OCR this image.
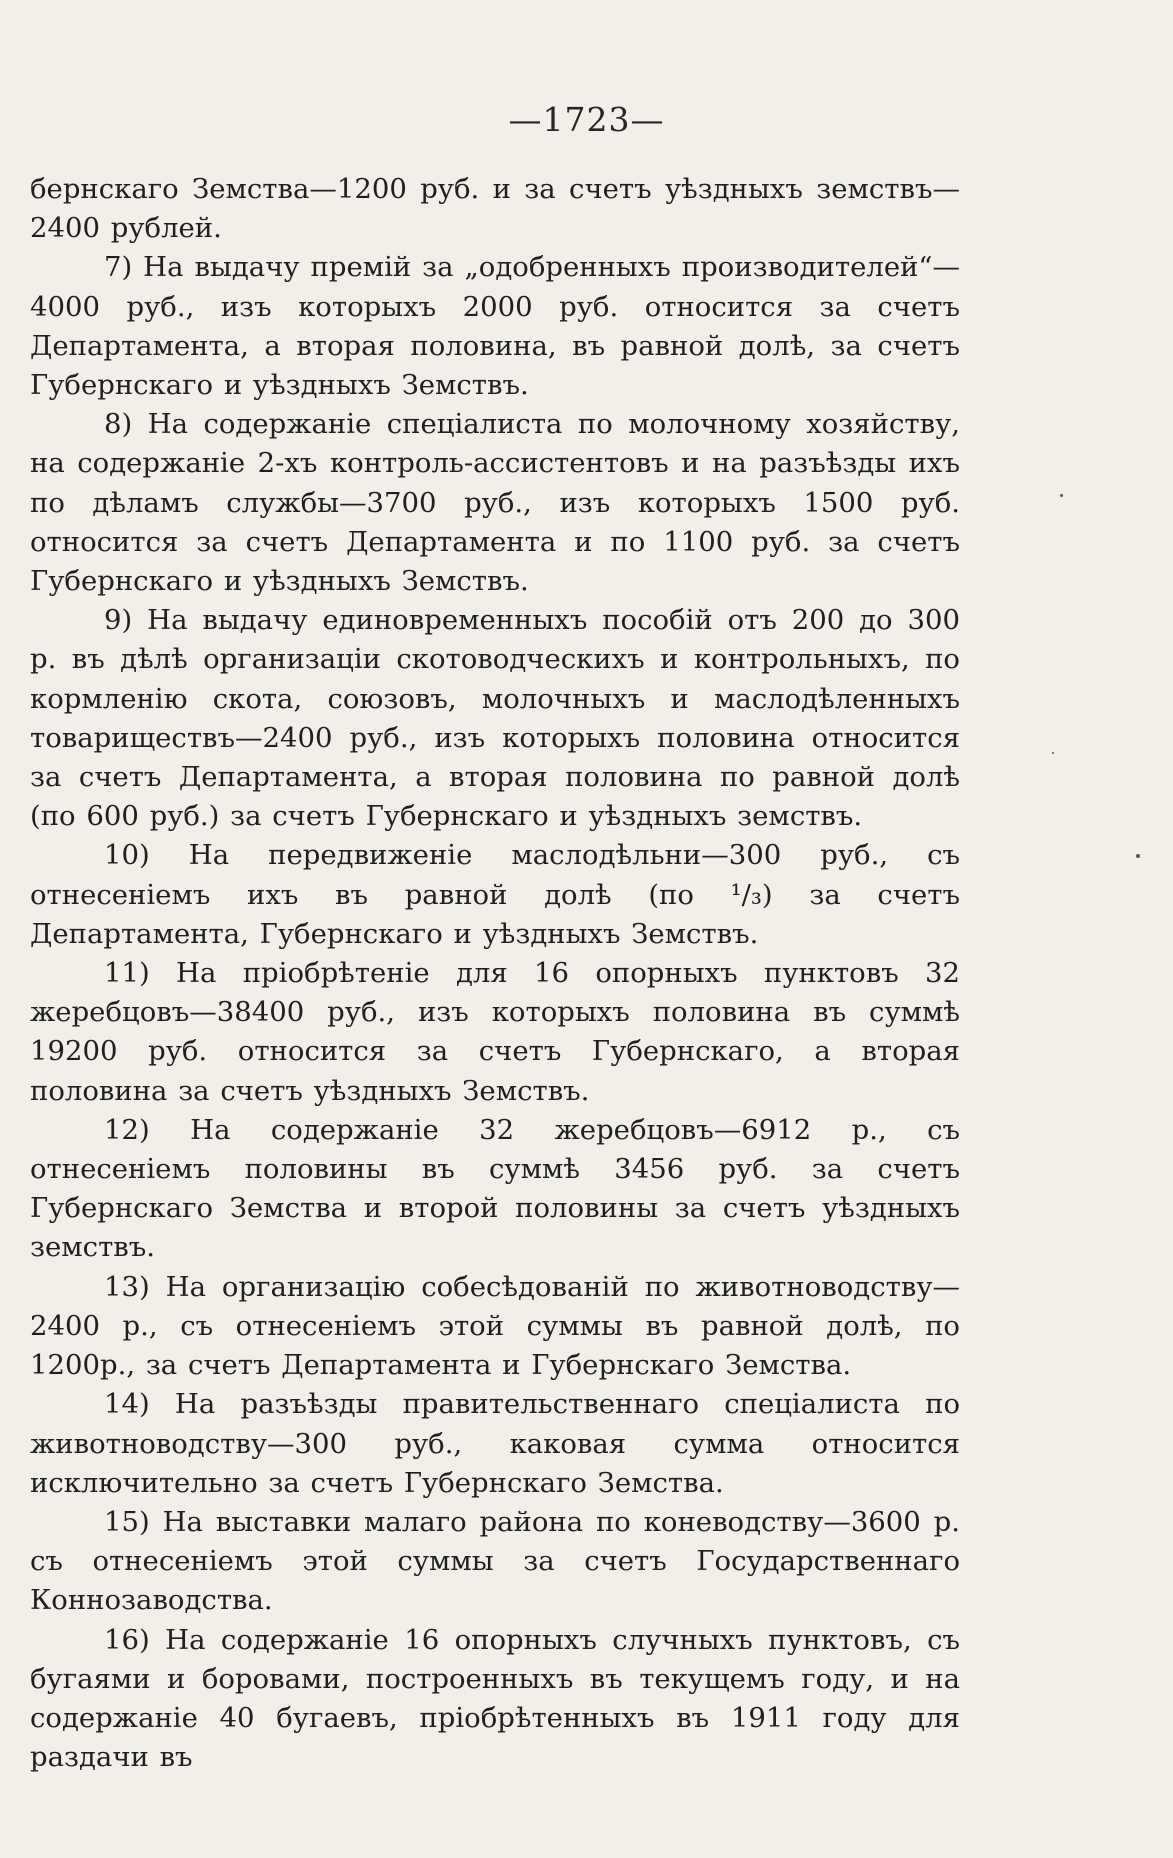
—1723—

бернскаго Земства—1200 руб. и за счетъ уѣздныхъ земствъ— 2400 рублей.

7) На выдачу премій за „одобренныхъ производителей“— 4000 руб., изъ которыхъ 2000 руб. относится за счетъ Департамента, а вторая половина, въ равной долѣ, за счетъ Губернскаго и уѣздныхъ Земствъ.

8) На содержаніе спеціалиста по молочному хозяйству, на содержаніе 2-хъ контроль-ассистентовъ и на разъѣзды ихъ по дѣламъ службы—3700 руб., изъ которыхъ 1500 руб. относится за счетъ Департамента и по 1100 руб. за счетъ Губернскаго и уѣздныхъ Земствъ.

9) На выдачу единовременныхъ пособій отъ 200 до 300 р. въ дѣлѣ организаціи скотоводческихъ и контрольныхъ, по кормленію скота, союзовъ, молочныхъ и маслодѣленныхъ товариществъ—2400 руб., изъ которыхъ половина относится за счетъ Департамента, а вторая половина по равной долѣ (по 600 руб.) за счетъ Губернскаго и уѣздныхъ земствъ.

10) На передвиженіе маслодѣльни—300 руб., съ отнесеніемъ ихъ въ равной долѣ (по ¹/₃) за счетъ Департамента, Губернскаго и уѣздныхъ Земствъ.

11) На пріобрѣтеніе для 16 опорныхъ пунктовъ 32 жеребцовъ—38400 руб., изъ которыхъ половина въ суммѣ 19200 руб. относится за счетъ Губернскаго, а вторая половина за счетъ уѣздныхъ Земствъ.

12) На содержаніе 32 жеребцовъ—6912 р., съ отнесеніемъ половины въ суммѣ 3456 руб. за счетъ Губернскаго Земства и второй половины за счетъ уѣздныхъ земствъ.

13) На организацію собесѣдованій по животноводству— 2400 р., съ отнесеніемъ этой суммы въ равной долѣ, по 1200р., за счетъ Департамента и Губернскаго Земства.

14) На разъѣзды правительственнаго спеціалиста по животноводству—300 руб., каковая сумма относится исключительно за счетъ Губернскаго Земства.

15) На выставки малаго района по коневодству—3600 р. съ отнесеніемъ этой суммы за счетъ Государственнаго Коннозаводства.

16) На содержаніе 16 опорныхъ случныхъ пунктовъ, съ бугаями и боровами, построенныхъ въ текущемъ году, и на содержаніе 40 бугаевъ, пріобрѣтенныхъ въ 1911 году для раздачи въ
